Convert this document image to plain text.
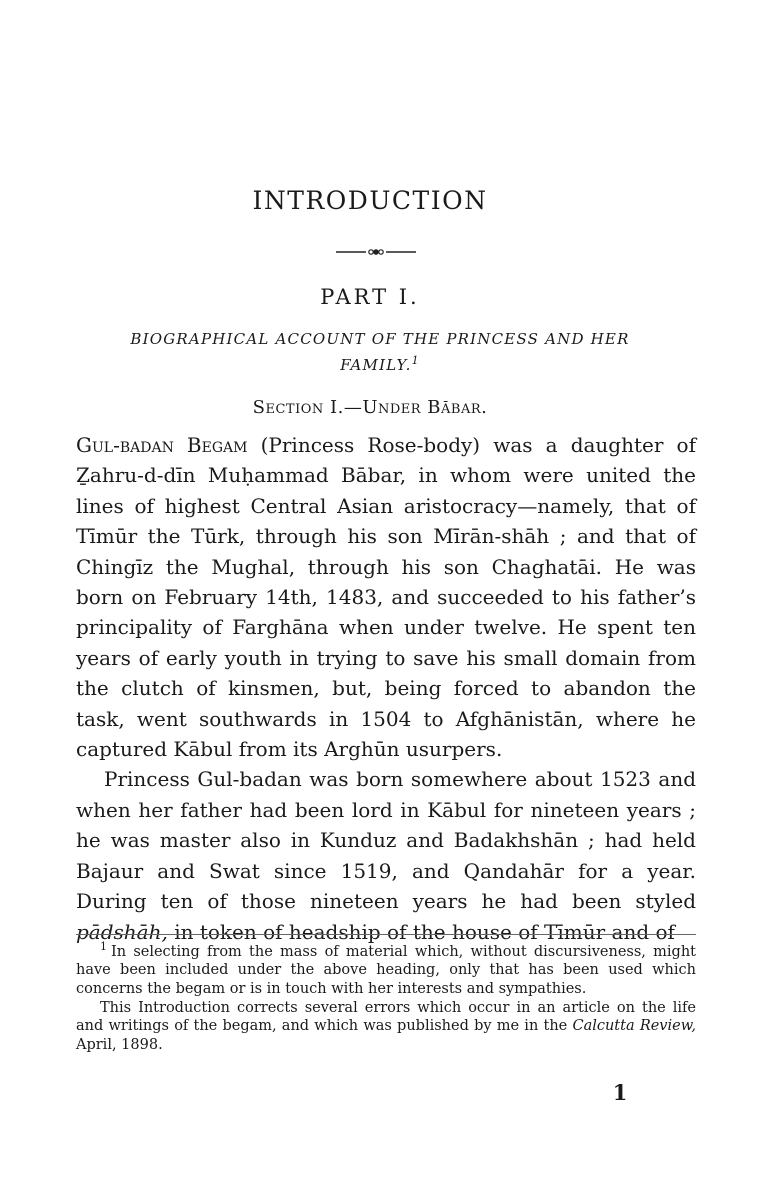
INTRODUCTION
PART I.
BIOGRAPHICAL ACCOUNT OF THE PRINCESS AND HER
FAMILY.$^1$
Section I.—Under Bābar.

Gul-badan Begam (Princess Rose-body) was a daughter of Ẕahru-d-dīn Muḥammad Bābar, in whom were united the lines of highest Central Asian aristocracy—namely, that of Tīmūr the Tūrk, through his son Mīrān-shāh ; and that of Chingīz the Mughal, through his son Chaghatāi. He was born on February 14th, 1483, and succeeded to his father’s principality of Farghāna when under twelve. He spent ten years of early youth in trying to save his small domain from the clutch of kinsmen, but, being forced to abandon the task, went southwards in 1504 to Afghānistān, where he captured Kābul from its Arghūn usurpers.

Princess Gul-badan was born somewhere about 1523 and when her father had been lord in Kābul for nineteen years ; he was master also in Kunduz and Badakhshān ; had held Bajaur and Swat since 1519, and Qandahār for a year. During ten of those nineteen years he had been styled pādshāh, in token of headship of the house of Tīmūr and of

$^1$ In selecting from the mass of material which, without discursiveness, might have been included under the above heading, only that has been used which concerns the begam or is in touch with her interests and sympathies.

This Introduction corrects several errors which occur in an article on the life and writings of the begam, and which was published by me in the Calcutta Review, April, 1898.

1
